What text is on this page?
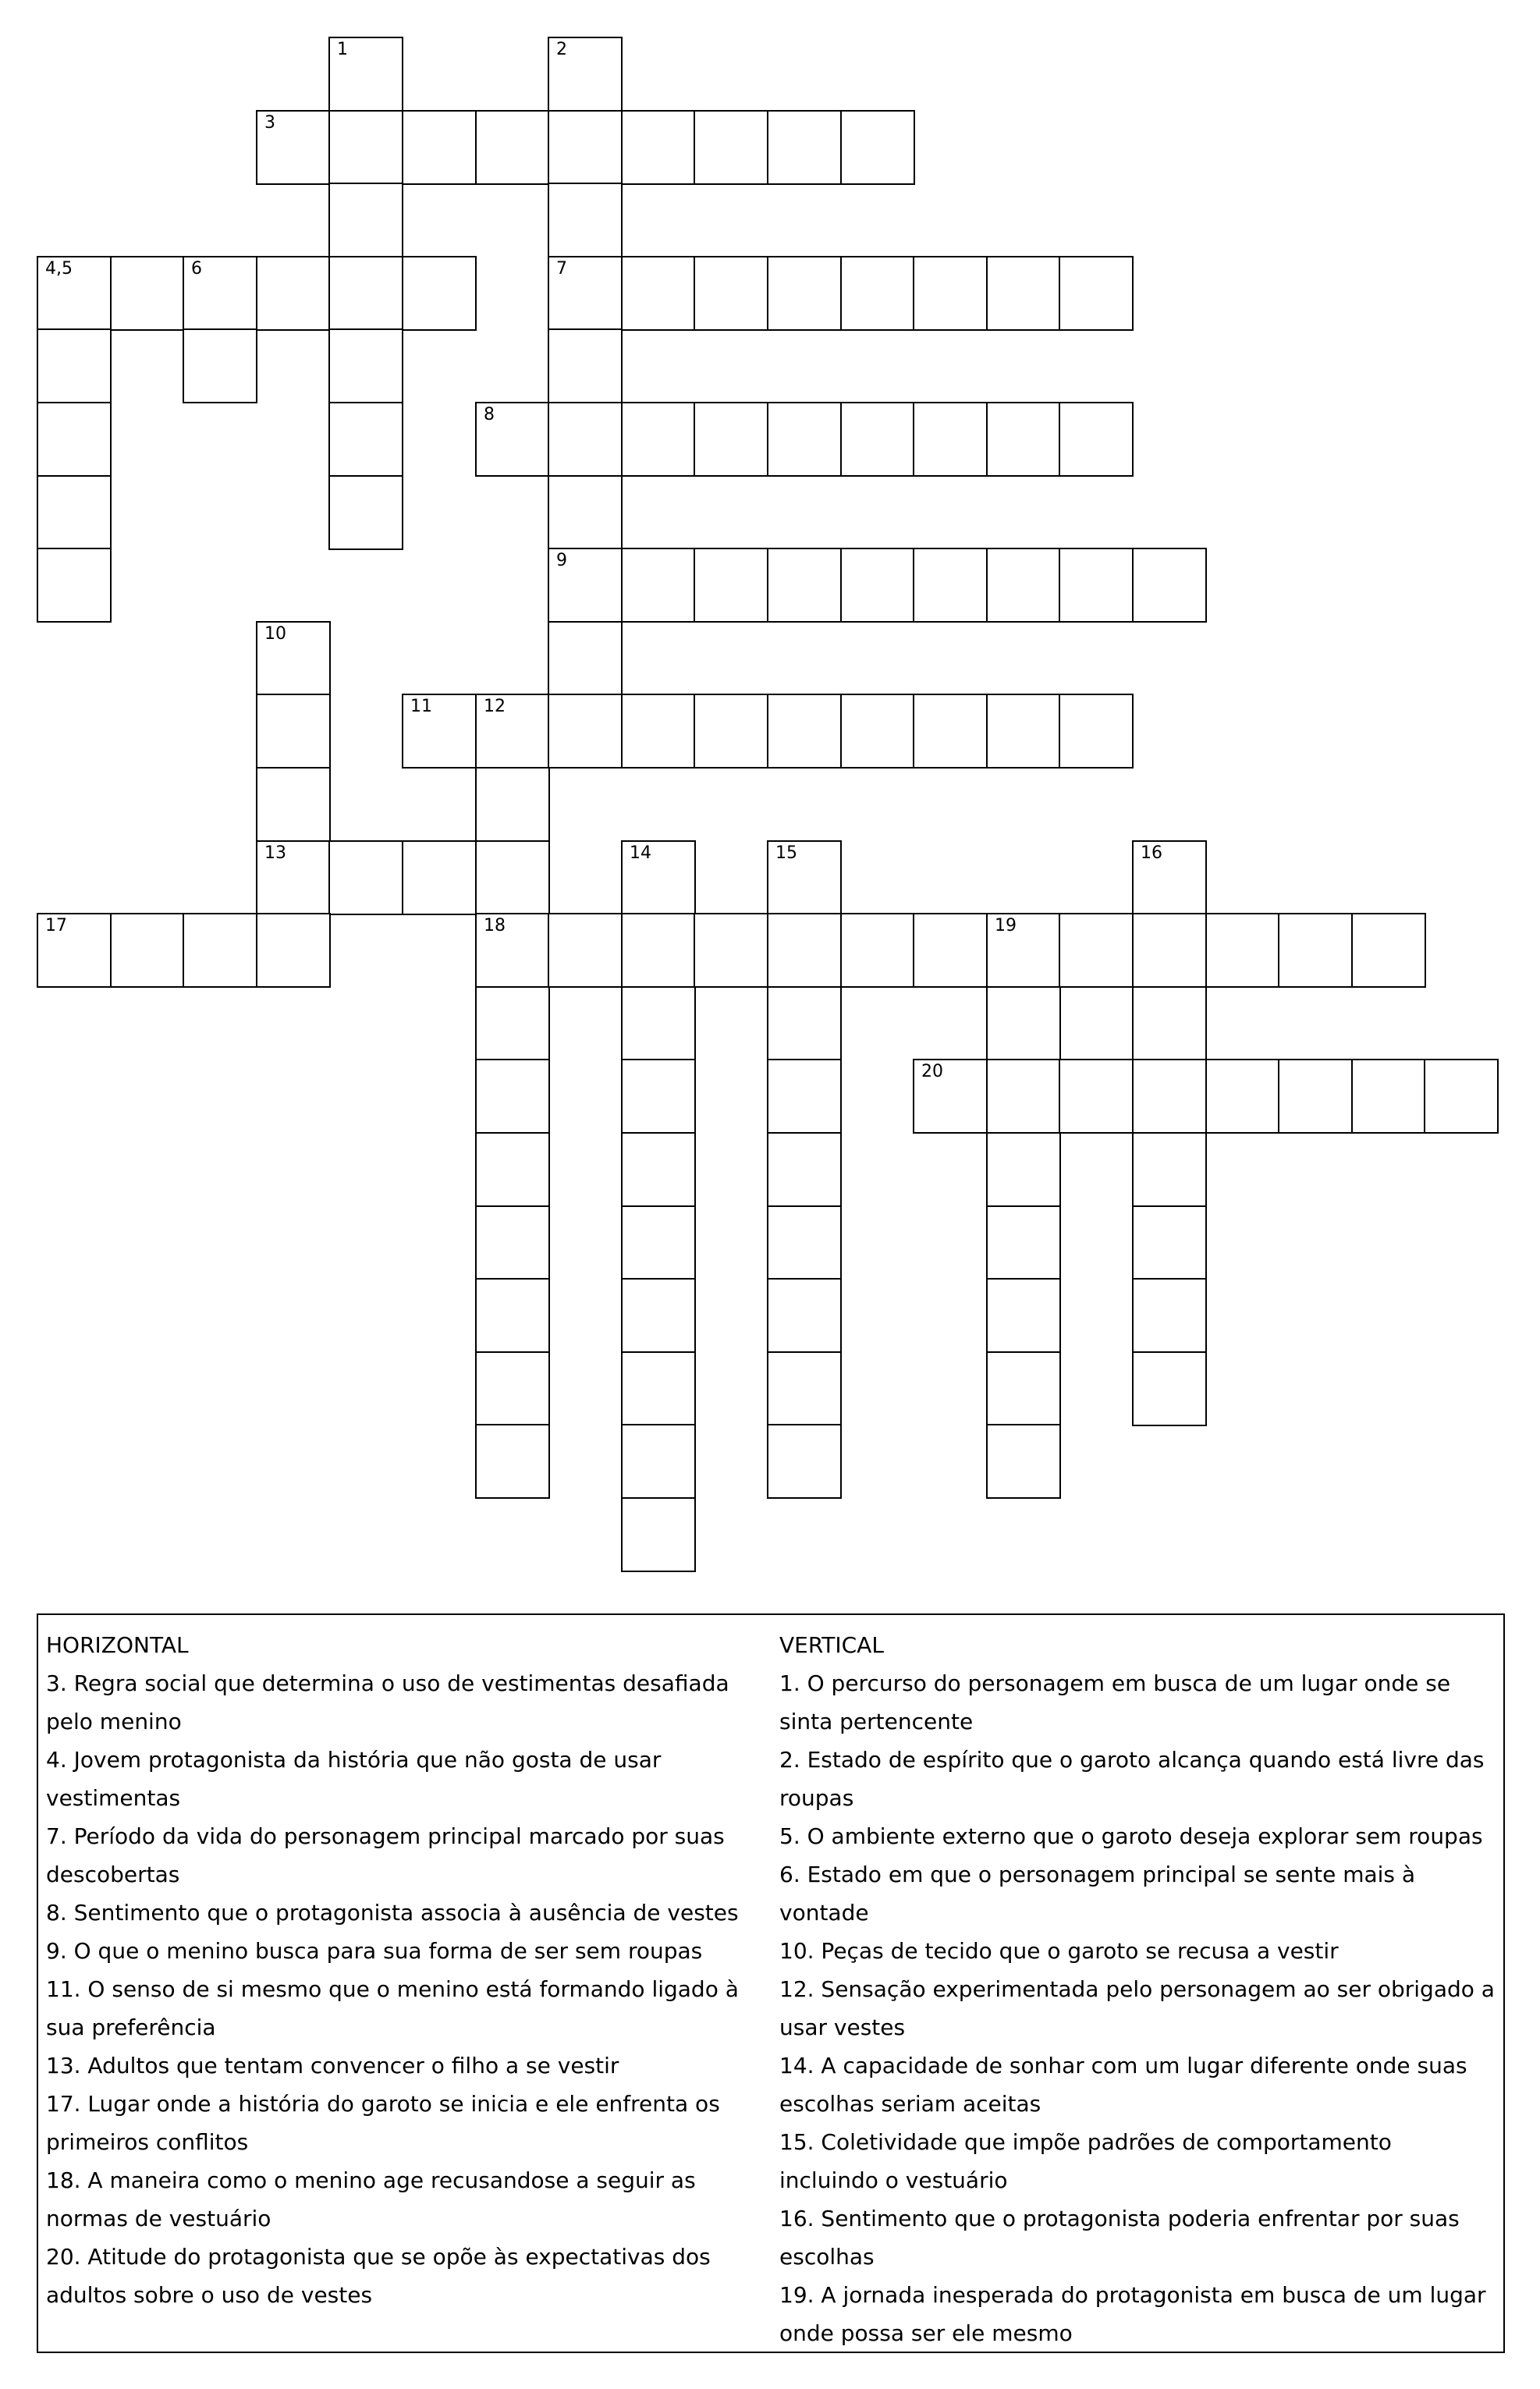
1	2
3
4,5	6	7
8
9
10
11	12
13	14	15	16
17	18	19
20

HORIZONTAL

3. Regra social que determina o uso de vestimentas desafiada pelo menino

4. Jovem protagonista da história que não gosta de usar vestimentas

7. Período da vida do personagem principal marcado por suas descobertas

8. Sentimento que o protagonista associa à ausência de vestes

9. O que o menino busca para sua forma de ser sem roupas

11. O senso de si mesmo que o menino está formando ligado à sua preferência

13. Adultos que tentam convencer o filho a se vestir

17. Lugar onde a história do garoto se inicia e ele enfrenta os primeiros conflitos

18. A maneira como o menino age recusandose a seguir as normas de vestuário

20. Atitude do protagonista que se opõe às expectativas dos adultos sobre o uso de vestes

VERTICAL

1. O percurso do personagem em busca de um lugar onde se sinta pertencente

2. Estado de espírito que o garoto alcança quando está livre das roupas

5. O ambiente externo que o garoto deseja explorar sem roupas

6. Estado em que o personagem principal se sente mais à vontade

10. Peças de tecido que o garoto se recusa a vestir

12. Sensação experimentada pelo personagem ao ser obrigado a usar vestes

14. A capacidade de sonhar com um lugar diferente onde suas escolhas seriam aceitas

15. Coletividade que impõe padrões de comportamento incluindo o vestuário

16. Sentimento que o protagonista poderia enfrentar por suas escolhas

19. A jornada inesperada do protagonista em busca de um lugar onde possa ser ele mesmo
